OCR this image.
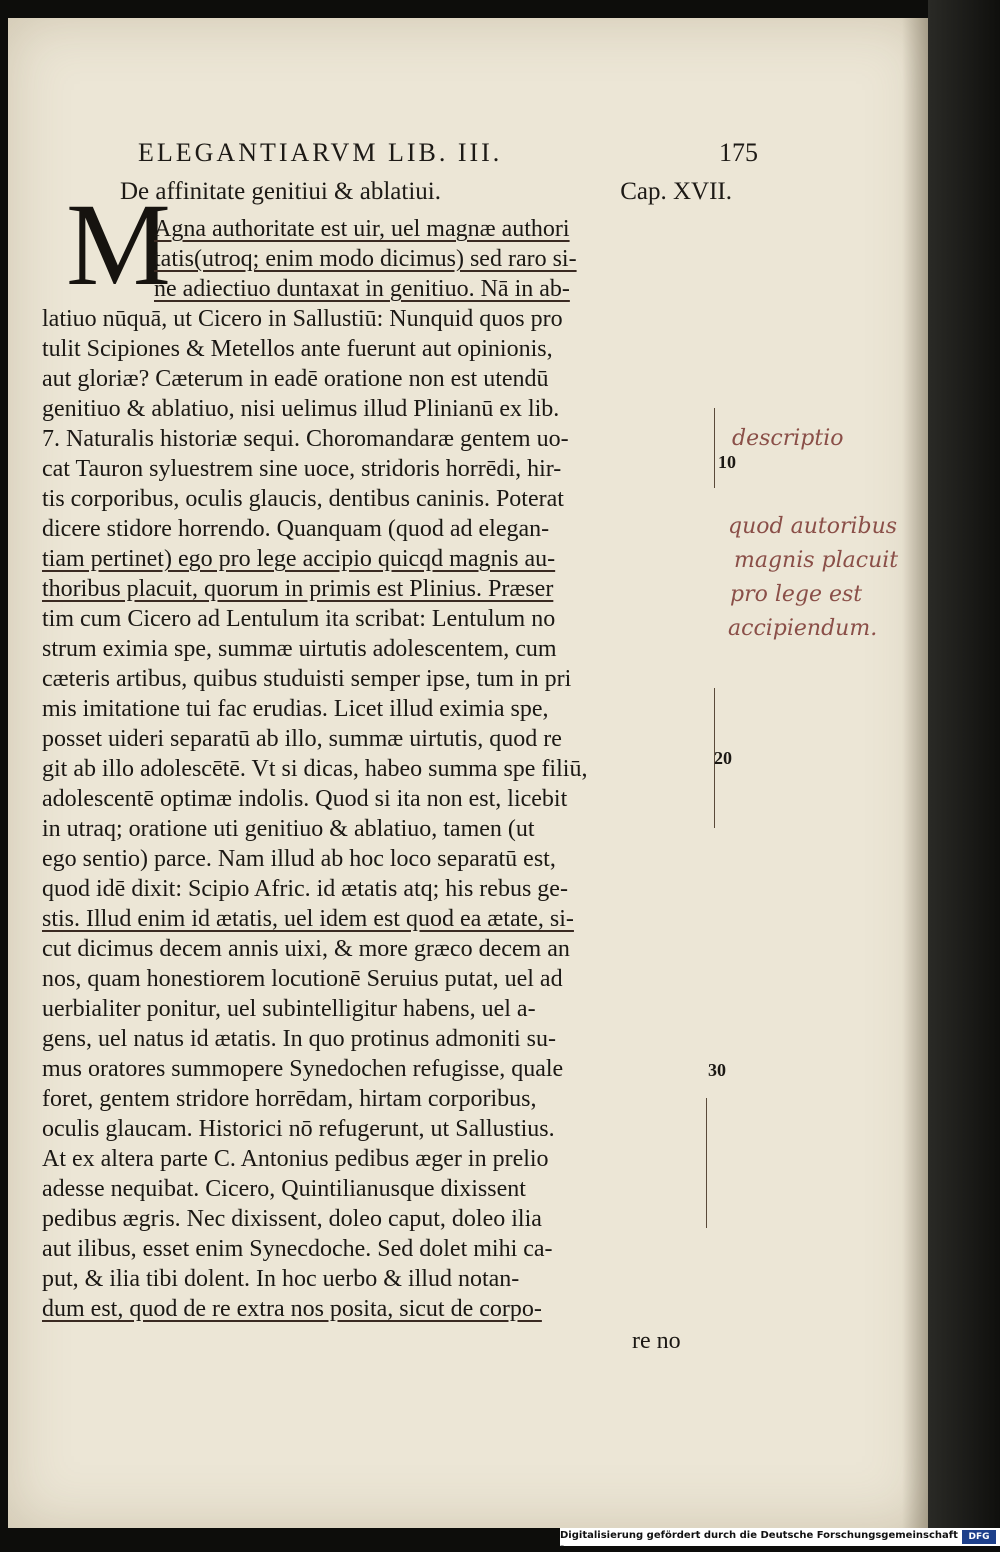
ELEGANTIARVM LIB. III.	175
De affinitate genitiui & ablatiui.	Cap. XVII.
M
Agna authoritate est uir, uel magnæ authori
tatis(utroq; enim modo dicimus) sed raro si-
ne adiectiuo duntaxat in genitiuo. Nā in ab-
latiuo nūquā, ut Cicero in Sallustiū: Nunquid quos pro
tulit Scipiones & Metellos ante fuerunt aut opinionis,
aut gloriæ? Cæterum in eadē oratione non est utendū
genitiuo & ablatiuo, nisi uelimus illud Plinianū ex lib.
7. Naturalis historiæ sequi. Choromandaræ gentem uo-
cat Tauron syluestrem sine uoce, stridoris horrēdi, hir-
tis corporibus, oculis glaucis, dentibus caninis. Poterat
dicere stidore horrendo. Quanquam (quod ad elegan-
tiam pertinet) ego pro lege accipio quicqd magnis au-
thoribus placuit, quorum in primis est Plinius. Præser
tim cum Cicero ad Lentulum ita scribat: Lentulum no
strum eximia spe, summæ uirtutis adolescentem, cum
cæteris artibus, quibus studuisti semper ipse, tum in pri
mis imitatione tui fac erudias. Licet illud eximia spe,
posset uideri separatū ab illo, summæ uirtutis, quod re
git ab illo adolescētē. Vt si dicas, habeo summa spe filiū,
adolescentē optimæ indolis. Quod si ita non est, licebit
in utraq; oratione uti genitiuo & ablatiuo, tamen (ut
ego sentio) parce. Nam illud ab hoc loco separatū est,
quod idē dixit: Scipio Afric. id ætatis atq; his rebus ge-
stis. Illud enim id ætatis, uel idem est quod ea ætate, si-
cut dicimus decem annis uixi, & more græco decem an
nos, quam honestiorem locutionē Seruius putat, uel ad
uerbialiter ponitur, uel subintelligitur habens, uel a-
gens, uel natus id ætatis. In quo protinus admoniti su-
mus oratores summopere Synedochen refugisse, quale
foret, gentem stridore horrēdam, hirtam corporibus,
oculis glaucam. Historici nō refugerunt, ut Sallustius.
At ex altera parte C. Antonius pedibus æger in prelio
adesse nequibat. Cicero, Quintilianusque dixissent
pedibus ægris. Nec dixissent, doleo caput, doleo ilia
aut ilibus, esset enim Synecdoche. Sed dolet mihi ca-
put, & ilia tibi dolent. In hoc uerbo & illud notan-
dum est, quod de re extra nos posita, sicut de corpo-
re no
10
20
30
descriptio
quod autoribus
magnis placuit
pro lege est
accipiendum.
Digitalisierung gefördert durch die Deutsche Forschungsgemeinschaft -
DFG
